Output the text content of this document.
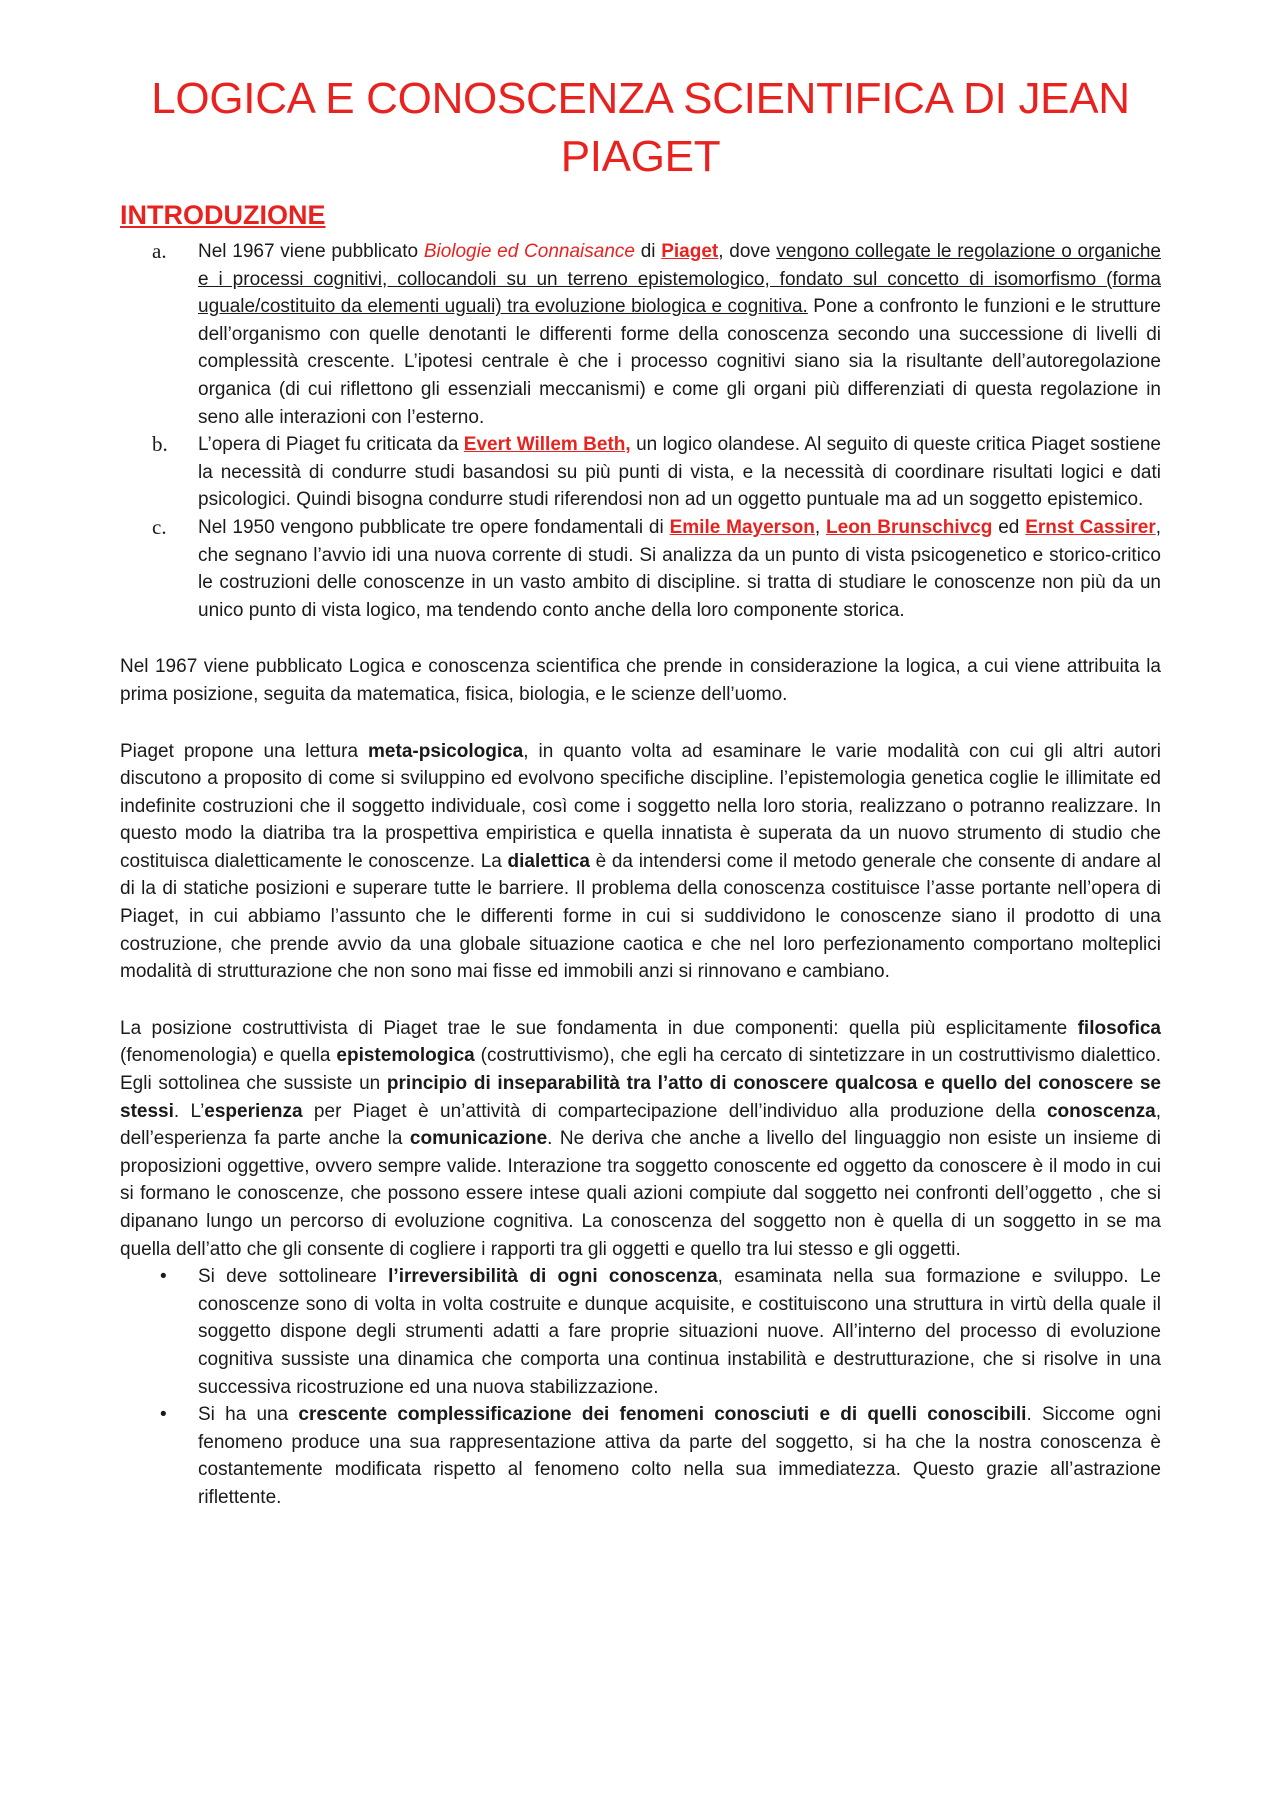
LOGICA E CONOSCENZA SCIENTIFICA DI JEAN PIAGET
INTRODUZIONE
a. Nel 1967 viene pubblicato Biologie ed Connaisance di Piaget, dove vengono collegate le regolazione o organiche e i processi cognitivi, collocandoli su un terreno epistemologico, fondato sul concetto di isomorfismo (forma uguale/costituito da elementi uguali) tra evoluzione biologica e cognitiva. Pone a confronto le funzioni e le strutture dell’organismo con quelle denotanti le differenti forme della conoscenza secondo una successione di livelli di complessità crescente. L’ipotesi centrale è che i processo cognitivi siano sia la risultante dell’autoregolazione organica (di cui riflettono gli essenziali meccanismi) e come gli organi più differenziati di questa regolazione in seno alle interazioni con l’esterno.
b. L’opera di Piaget fu criticata da Evert Willem Beth, un logico olandese. Al seguito di queste critica Piaget sostiene la necessità di condurre studi basandosi su più punti di vista, e la necessità di coordinare risultati logici e dati psicologici. Quindi bisogna condurre studi riferendosi non ad un oggetto puntuale ma ad un soggetto epistemico.
c. Nel 1950 vengono pubblicate tre opere fondamentali di Emile Mayerson, Leon Brunschivcg ed Ernst Cassirer, che segnano l’avvio idi una nuova corrente di studi. Si analizza da un punto di vista psicogenetico e storico-critico le costruzioni delle conoscenze in un vasto ambito di discipline. si tratta di studiare le conoscenze non più da un unico punto di vista logico, ma tendendo conto anche della loro componente storica.

Nel 1967 viene pubblicato Logica e conoscenza scientifica che prende in considerazione la logica, a cui viene attribuita la prima posizione, seguita da matematica, fisica, biologia, e le scienze dell’uomo.

Piaget propone una lettura meta-psicologica, in quanto volta ad esaminare le varie modalità con cui gli altri autori discutono a proposito di come si sviluppino ed evolvono specifiche discipline. l’epistemologia genetica coglie le illimitate ed indefinite costruzioni che il soggetto individuale, così come i soggetto nella loro storia, realizzano o potranno realizzare. In questo modo la diatriba tra la prospettiva empiristica e quella innatista è superata da un nuovo strumento di studio che costituisca dialetticamente le conoscenze. La dialettica è da intendersi come il metodo generale che consente di andare al di la di statiche posizioni e superare tutte le barriere. Il problema della conoscenza costituisce l’asse portante nell’opera di Piaget, in cui abbiamo l’assunto che le differenti forme in cui si suddividono le conoscenze siano il prodotto di una costruzione, che prende avvio da una globale situazione caotica e che nel loro perfezionamento comportano molteplici modalità di strutturazione che non sono mai fisse ed immobili anzi si rinnovano e cambiano.

La posizione costruttivista di Piaget trae le sue fondamenta in due componenti: quella più esplicitamente filosofica (fenomenologia) e quella epistemologica (costruttivismo), che egli ha cercato di sintetizzare in un costruttivismo dialettico. Egli sottolinea che sussiste un principio di inseparabilità tra l’atto di conoscere qualcosa e quello del conoscere se stessi. L’esperienza per Piaget è un’attività di compartecipazione dell’individuo alla produzione della conoscenza, dell’esperienza fa parte anche la comunicazione. Ne deriva che anche a livello del linguaggio non esiste un insieme di proposizioni oggettive, ovvero sempre valide. Interazione tra soggetto conoscente ed oggetto da conoscere è il modo in cui si formano le conoscenze, che possono essere intese quali azioni compiute dal soggetto nei confronti dell’oggetto , che si dipanano lungo un percorso di evoluzione cognitiva. La conoscenza del soggetto non è quella di un soggetto in se ma quella dell’atto che gli consente di cogliere i rapporti tra gli oggetti e quello tra lui stesso e gli oggetti.

• Si deve sottolineare l’irreversibilità di ogni conoscenza, esaminata nella sua formazione e sviluppo. Le conoscenze sono di volta in volta costruite e dunque acquisite, e costituiscono una struttura in virtù della quale il soggetto dispone degli strumenti adatti a fare proprie situazioni nuove. All’interno del processo di evoluzione cognitiva sussiste una dinamica che comporta una continua instabilità e destrutturazione, che si risolve in una successiva ricostruzione ed una nuova stabilizzazione.
• Si ha una crescente complessificazione dei fenomeni conosciuti e di quelli conoscibili. Siccome ogni fenomeno produce una sua rappresentazione attiva da parte del soggetto, si ha che la nostra conoscenza è costantemente modificata rispetto al fenomeno colto nella sua immediatezza. Questo grazie all’astrazione riflettente.
